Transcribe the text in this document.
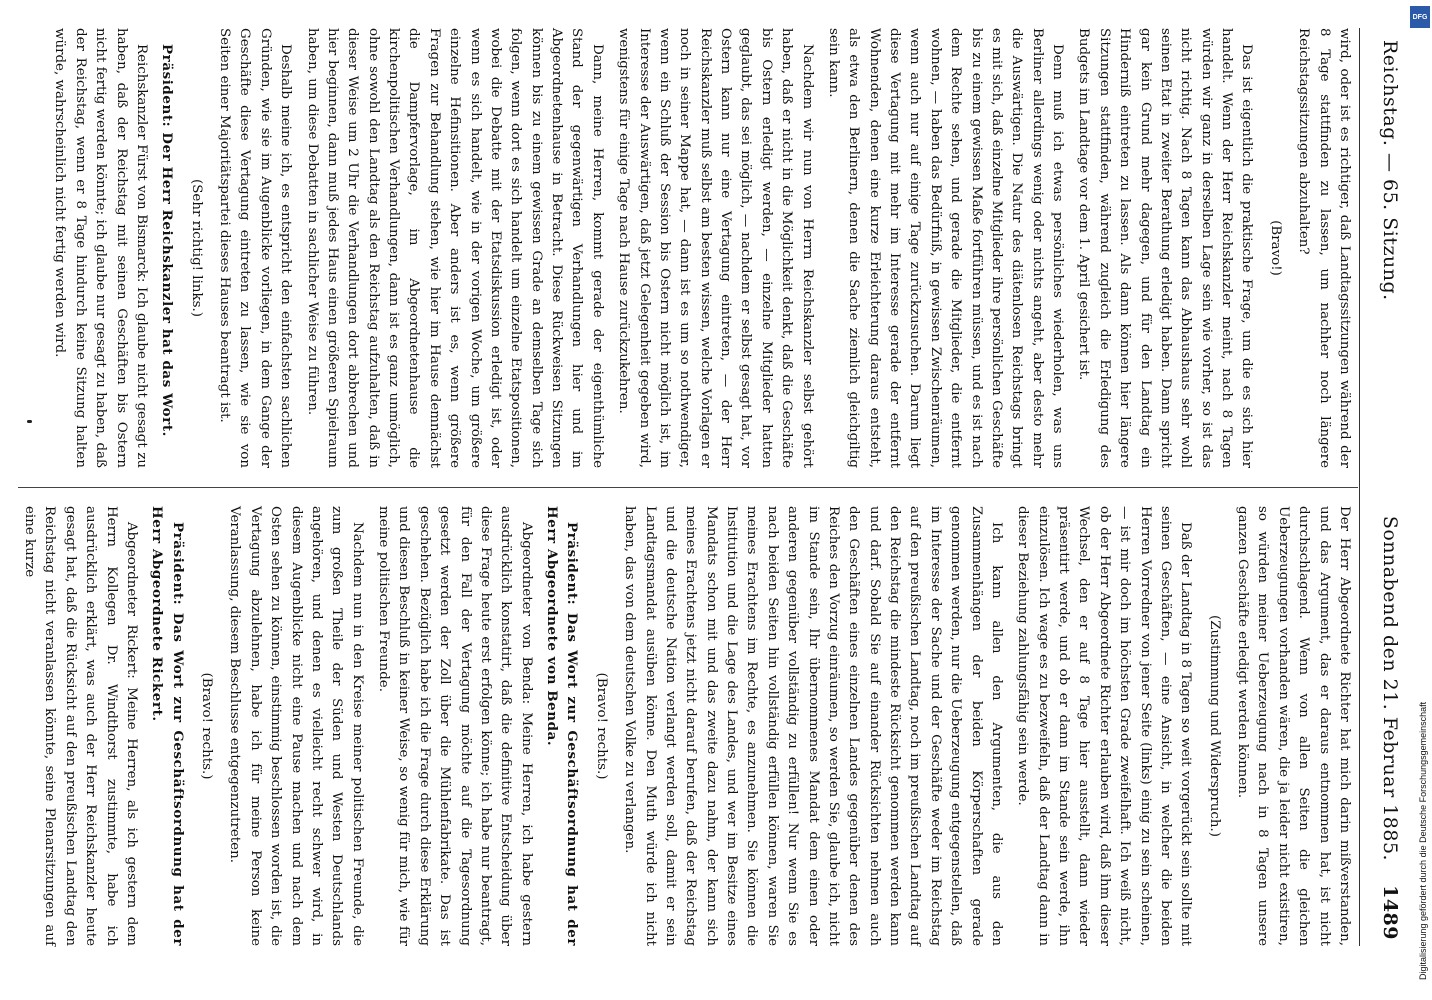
Reichstag. — 65. Sitzung.
Sonnabend den 21. Februar 1885.
1489

wird, oder ist es richtiger, daß Landtagssitzungen während der 8 Tage stattfinden zu lassen, um nachher noch längere Reichstagssitzungen abzuhalten?

(Bravo!)

Das ist eigentlich die praktische Frage, um die es sich hier handelt. Wenn der Herr Reichskanzler meint, nach 8 Tagen würden wir ganz in derselben Lage sein wie vorher, so ist das nicht richtig. Nach 8 Tagen kann das Abhaushaus sehr wohl seinen Etat in zweiter Berathung erledigt haben. Dann spricht gar kein Grund mehr dagegen, und für den Landtag ein Hinderniß eintreten zu lassen. Als dann können hier längere Sitzungen stattfinden, während zugleich die Erledigung des Budgets im Landtage vor dem 1. April gesichert ist.

Denn muß ich etwas persönliches wiederholen, was uns Berliner allerdings wenig oder nichts angeht, aber desto mehr die Auswärtigen. Die Natur des diätenlosen Reichstags bringt es mit sich, daß einzelne Mitglieder ihre persönlichen Geschäfte bis zu einem gewissen Maße fortführen müssen, und es ist nach dem Rechte sehen, und gerade die Mitglieder, die entfernt wohnen, — haben das Bedürfniß, in gewissen Zwischenräumen, wenn auch nur auf einige Tage zurückzusuchen. Darum liegt diese Vertagung mit mehr im Interesse gerade der entfernt Wohnenden, denen eine kurze Erleichterung daraus entsteht, als etwa den Berlinern, denen die Sache ziemlich gleichgiltig sein kann.

Nachdem wir nun von Herrn Reichskanzler selbst gehört haben, daß er nicht in die Möglichkeit denkt, daß die Geschäfte bis Ostern erledigt werden, — einzelne Mitglieder hatten geglaubt, das sei möglich, — nachdem er selbst gesagt hat, vor Ostern kann nur eine Vertagung eintreten, — der Herr Reichskanzler muß selbst am besten wissen, welche Vorlagen er noch in seiner Mappe hat, — dann ist es um so nothwendiger, wenn ein Schluß der Session bis Ostern nicht möglich ist, im Interesse der Auswärtigen, daß jetzt Gelegenheit gegeben wird, wenigstens für einige Tage nach Hause zurückzukehren.

Dann, meine Herren, kommt gerade der eigenthümliche Stand der gegenwärtigen Verhandlungen hier und im Abgeordnetenhause in Betracht. Diese Rückweisen Sitzungen können bis zu einem gewissen Grade an demselben Tage sich folgen, wenn dort es sich handelt um einzelne Etatspositionen, wobei die Debatte mit der Etatsdiskussion erledigt ist, oder wenn es sich handelt, wie in der vorigen Woche, um größere einzelne Hefinsitionen. Aber anders ist es, wenn größere Fragen zur Behandlung stehen, wie hier im Hause demnächst die Dampfervorlage, im Abgeordnetenhause die kirchenpolitischen Verhandlungen, dann ist es ganz unmöglich, ohne sowohl den Landtag als den Reichstag aufzuhalten, daß in dieser Weise um 2 Uhr die Verhandlungen dort abbrechen und hier beginnen, dann muß jedes Haus einen größeren Spielraum haben, um diese Debatten in sachlicher Weise zu führen.

Deshalb meine ich, es entspricht den einfachsten sachlichen Gründen, wie sie im Augenblicke vorliegen, in dem Gange der Geschäfte diese Vertagung eintreten zu lassen, wie sie von Seiten einer Majoritätspartei dieses Hauses beantragt ist.

(Sehr richtig! links.)

Präsident: Der Herr Reichskanzler hat das Wort.

Reichskanzler Fürst von Bismarck: Ich glaube nicht gesagt zu haben, daß der Reichstag mit seinen Geschäften bis Ostern nicht fertig werden könnte; ich glaube nur gesagt zu haben, daß der Reichstag, wenn er 8 Tage hindurch keine Sitzung halten würde, wahrscheinlich nicht fertig werden wird.

Der Herr Abgeordnete Richter hat mich darin mißverstanden, und das Argument, das er daraus entnommen hat, ist nicht durchschlagend. Wenn von allen Seiten die gleichen Ueberzeugungen vorhanden wären, die ja leider nicht existiren, so würden meiner Ueberzeugung nach in 8 Tagen unsere ganzen Geschäfte erledigt werden können.

(Zustimmung und Widerspruch.)

Daß der Landtag in 8 Tagen so weit vorgerückt sein sollte mit seinen Geschäften, — eine Ansicht, in welcher die beiden Herren Vorredner von jener Seite (links) einig zu sein scheinen, — ist mir doch im höchsten Grade zweifelhaft. Ich weiß nicht, ob der Herr Abgeordnete Richter erlauben wird, daß ihm dieser Wechsel, den er auf 8 Tage hier ausstellt, dann wieder präsentirt werde, und ob er dann im Stande sein werde, ihn einzulösen. Ich wage es zu bezweifeln, daß der Landtag dann in dieser Beziehung zahlungsfähig sein werde.

Ich kann allen den Argumenten, die aus den Zusammenhängen der beiden Körperschaften gerade genommen werden, nur die Ueberzeugung entgegenstellen, daß im Interesse der Sache und der Geschäfte weder im Reichstag auf den preußischen Landtag, noch im preußischen Landtag auf den Reichstag die mindeste Rücksicht genommen werden kann und darf. Sobald Sie auf einander Rücksichten nehmen auch den Geschäften eines einzelnen Landes gegenüber denen des Reiches den Vorzug einräumen, so werden Sie, glaube ich, nicht im Stande sein, Ihr übernommenes Mandat dem einen oder anderen gegenüber vollständig zu erfüllen! Nur wenn Sie es nach beiden Seiten hin vollständig erfüllen können, waren Sie meines Erachtens im Rechte, es anzunehmen. Sie können die Institution und die Lage des Landes, und wer im Besitze eines Mandats schon mit und das zweite dazu nahm, der kann sich meines Erachtens jetzt nicht darauf berufen, daß der Reichstag und die deutsche Nation verlangt werden soll, damit er sein Landtagsmandat ausüben könne. Den Muth würde ich nicht haben, das von dem deutschen Volke zu verlangen.

(Bravo! rechts.)

Präsident: Das Wort zur Geschäftsordnung hat der Herr Abgeordnete von Benda.

Abgeordneter von Benda: Meine Herren, ich habe gestern ausdrücklich konstatirt, daß die definitive Entscheidung über diese Frage heute erst erfolgen könne; ich habe nur beantragt, für den Fall der Vertagung möchte auf die Tagesordnung gesetzt werden der Zoll über die Mühlenfabrikate. Das ist geschehen. Bezüglich habe ich die Frage durch diese Erklärung und diesen Beschluß in keiner Weise, so wenig für mich, wie für meine politischen Freunde.

Nachdem nun in den Kreise meiner politischen Freunde, die zum großen Theile der Süden und Westen Deutschlands angehören, und denen es vielleicht recht schwer wird, in diesem Augenblicke nicht eine Pause machen und nach dem Osten sehen zu können, einstimmig beschlossen worden ist, die Vertagung abzulehnen, habe ich für meine Person keine Veranlassung, diesem Beschlusse entgegenzutreten.

(Bravo! rechts.)

Präsident: Das Wort zur Geschäftsordnung hat der Herr Abgeordnete Rickert.

Abgeordneter Rickert: Meine Herren, als ich gestern dem Herrn Kollegen Dr. Windthorst zustimmte, habe ich ausdrücklich erklärt, was auch der Herr Reichskanzler heute gesagt hat, daß die Rücksicht auf den preußischen Landtag den Reichstag nicht veranlassen könnte, seine Plenarsitzungen auf eine kurze

Digitalisierung gefördert durch die Deutsche Forschungsgemeinschaft
DFG
